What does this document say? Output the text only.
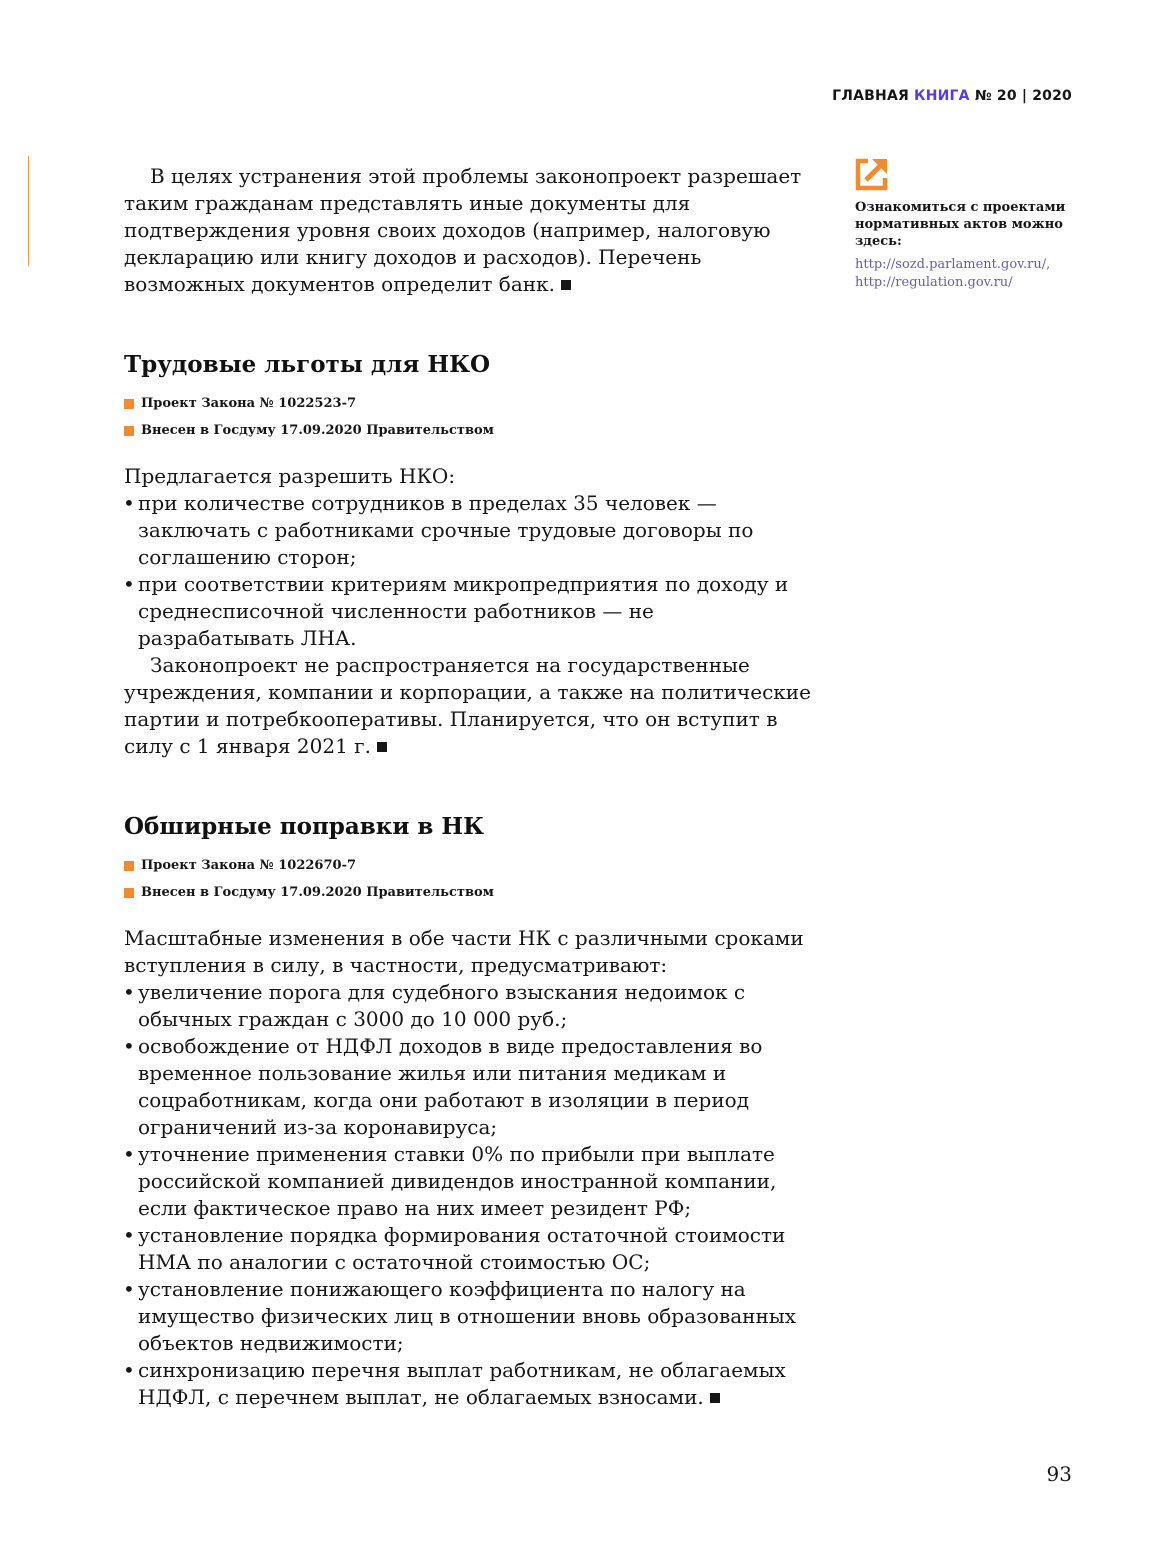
ГЛАВНАЯ КНИГА № 20 | 2020
Ознакомиться с проектами нормативных актов можно здесь:
http://sozd.parlament.gov.ru/,
http://regulation.gov.ru/

В целях устранения этой проблемы законопроект разрешает таким гражданам представлять иные документы для подтверждения уровня своих доходов (например, налоговую декларацию или книгу доходов и расходов). Перечень возможных документов определит банк.

Трудовые льготы для НКО
Проект Закона № 1022523-7
Внесен в Госдуму 17.09.2020 Правительством

Предлагается разрешить НКО:

• при количестве сотрудников в пределах 35 человек — заключать с работниками срочные трудовые договоры по соглашению сторон;
• при соответствии критериям микропредприятия по доходу и среднесписочной численности работников — не разрабатывать ЛНА.

Законопроект не распространяется на государственные учреждения, компании и корпорации, а также на политические партии и потребкооперативы. Планируется, что он вступит в силу с 1 января 2021 г.

Обширные поправки в НК
Проект Закона № 1022670-7
Внесен в Госдуму 17.09.2020 Правительством

Масштабные изменения в обе части НК с различными сроками вступления в силу, в частности, предусматривают:

• увеличение порога для судебного взыскания недоимок с обычных граждан с 3000 до 10 000 руб.;
• освобождение от НДФЛ доходов в виде предоставления во временное пользование жилья или питания медикам и соцработникам, когда они работают в изоляции в период ограничений из-за коронавируса;
• уточнение применения ставки 0% по прибыли при выплате российской компанией дивидендов иностранной компании, если фактическое право на них имеет резидент РФ;
• установление порядка формирования остаточной стоимости НМА по аналогии с остаточной стоимостью ОС;
• установление понижающего коэффициента по налогу на имущество физических лиц в отношении вновь образованных объектов недвижимости;
• синхронизацию перечня выплат работникам, не облагаемых НДФЛ, с перечнем выплат, не облагаемых взносами.
93
